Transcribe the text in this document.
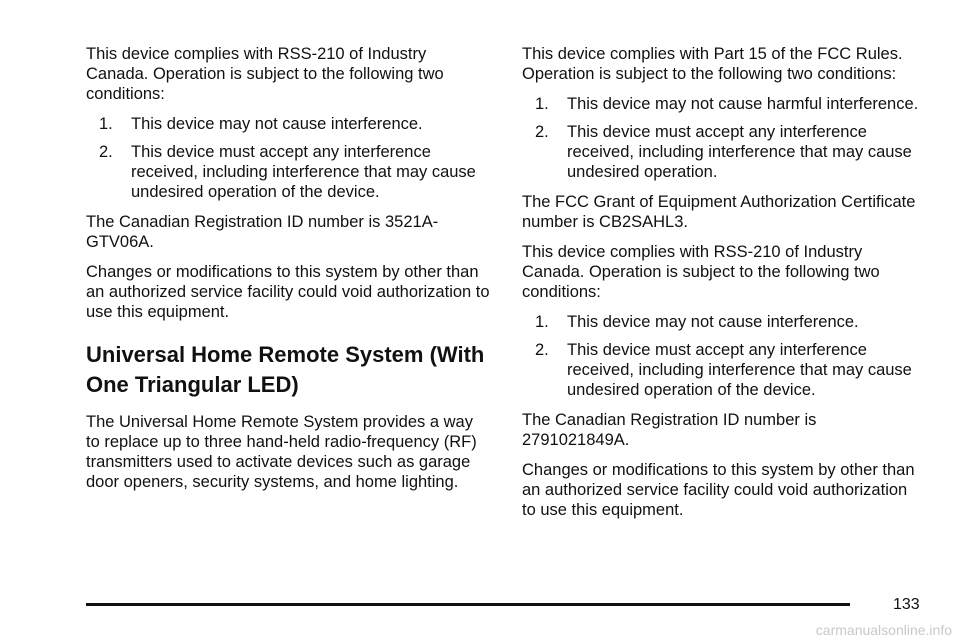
This device complies with RSS-210 of Industry Canada. Operation is subject to the following two conditions:

1. This device may not cause interference.
2. This device must accept any interference received, including interference that may cause undesired operation of the device.

The Canadian Registration ID number is 3521A-GTV06A.

Changes or modifications to this system by other than an authorized service facility could void authorization to use this equipment.

Universal Home Remote System (With One Triangular LED)

The Universal Home Remote System provides a way to replace up to three hand-held radio-frequency (RF) transmitters used to activate devices such as garage door openers, security systems, and home lighting.

This device complies with Part 15 of the FCC Rules. Operation is subject to the following two conditions:

1. This device may not cause harmful interference.
2. This device must accept any interference received, including interference that may cause undesired operation.

The FCC Grant of Equipment Authorization Certificate number is CB2SAHL3.

This device complies with RSS-210 of Industry Canada. Operation is subject to the following two conditions:

1. This device may not cause interference.
2. This device must accept any interference received, including interference that may cause undesired operation of the device.

The Canadian Registration ID number is 2791021849A.

Changes or modifications to this system by other than an authorized service facility could void authorization to use this equipment.

133
carmanualsonline.info
